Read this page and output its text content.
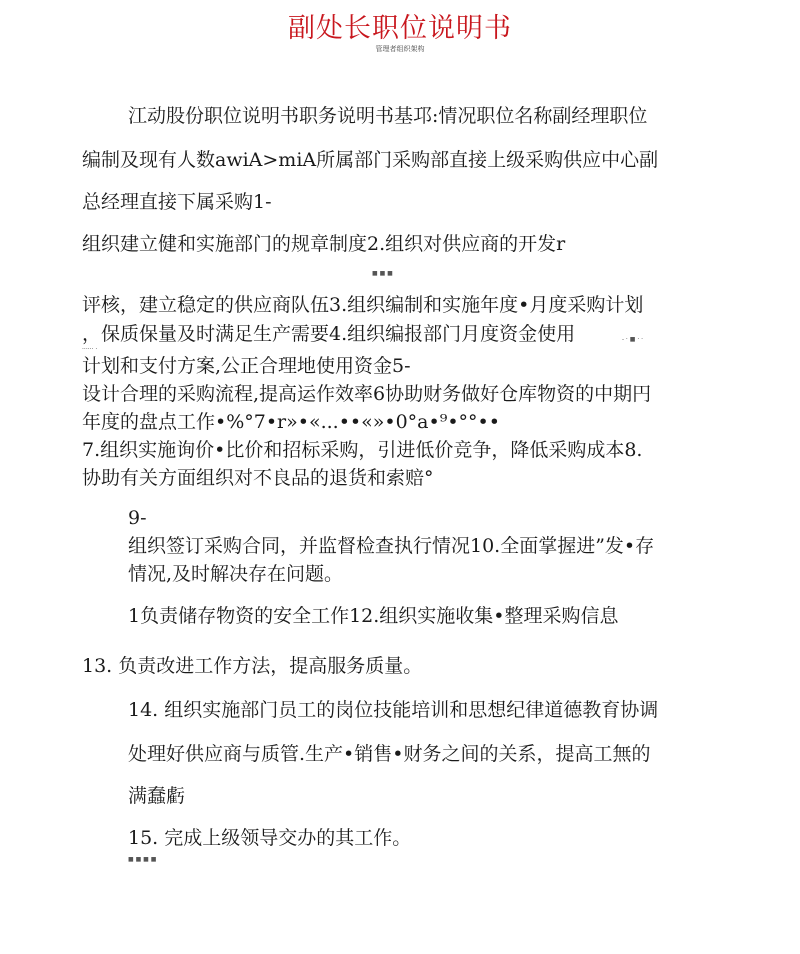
副处长职位说明书
管理者组织架构
江动股份职位说明书职务说明书基邛:情况职位名称副经理职位
编制及现有人数awiA>miA所属部门采购部直接上级采购供应中心副
总经理直接下属采购1-
组织建立健和实施部门的规章制度2.组织对供应商的开发r
■ ■ ■
评核，建立稳定的供应商队伍3.组织编制和实施年度•月度采购计划
，保质保量及时满足生产需要4.组织编报部门月度资金使用	- · ■ · ·
······ ·
计划和支付方案,公正合理地使用资金5-
设计合理的采购流程,提高运作效率6协助财务做好仓库物资的中期円
年度的盘点工作•%°7•r»•«...••«»•0°a•⁹•°°••
7.组织实施询价•比价和招标采购，引进低价竞争，降低采购成本8.
协助有关方面组织对不良品的退货和索赔°
9-
组织签订采购合同，并监督检查执行情况10.全面掌握进”发•存
情况,及时解决存在问题。
1负责储存物资的安全工作12.组织实施收集•整理采购信息
13. 负责改进工作方法，提高服务质量。
14. 组织实施部门员工的岗位技能培训和思想纪律道德教育协调
处理好供应商与质管.生产•销售•财务之间的关系，提高工無的
满蠢虧
15. 完成上级领导交办的其工作。
■ ■ ■ ■
